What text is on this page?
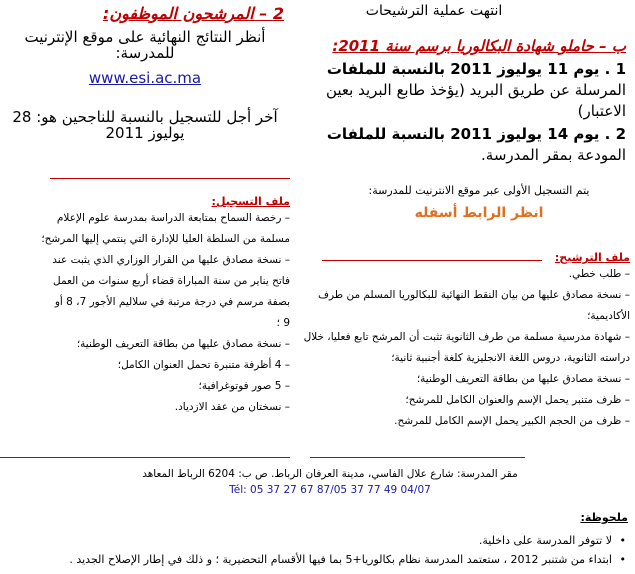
انتهت عملية الترشيحات
ب – حاملو شهادة البكالوريا برسم سنة 2011:
1 . يوم 11 يوليوز 2011 بالنسبة للملفات
المرسلة عن طريق البريد (يؤخذ طابع البريد بعين
الاعتبار)
2 . يوم 14 يوليوز 2011 بالنسبة للملفات
المودعة بمقر المدرسة.
يتم التسجيل الأولى عبر موقع الانترنيت للمدرسة:
انظر الرابط أسفله
ملف الترشيح:
– طلب خطي.
– نسخة مصادق عليها من بيان النقط النهائية للبكالوريا المسلم من طرف
الأكاديمية؛
– شهادة مدرسية مسلمة من طرف الثانوية تثبت أن المرشح تابع فعليا، خلال
دراسته الثانوية، دروس اللغة الانجليزية كلغة أجنبية ثانية؛
– نسخة مصادق عليها من بطاقة التعريف الوطنية؛
– ظرف متنبر يحمل الإسم والعنوان الكامل للمرشح؛
– ظرف من الحجم الكبير يحمل الإسم الكامل للمرشح.
2 – المرشحون الموظفون:
أنظر النتائج النهائية على موقع الإنترنيت
للمدرسة:
www.esi.ac.ma
آخر أجل للتسجيل بالنسبة للناجحين هو: 28
يوليوز 2011
ملف التسجيل:
– رخصة السماح بمتابعة الدراسة بمدرسة علوم الإعلام
مسلمة من السلطة العليا للإدارة التي ينتمي إليها المرشح؛
– نسخة مصادق عليها من القرار الوزاري الذي يثبت عند
فاتح يناير من سنة المباراة قضاء أربع سنوات من العمل
بصفة مرسم في درجة مرتبة في سلاليم الأجور 7، 8 أو
9 ؛
– نسخة مصادق عليها من بطاقة التعريف الوطنية؛
– 4 أظرفة متنبرة تحمل العنوان الكامل؛
– 5 صور فوتوغرافية؛
– نسختان من عقد الازدياد.
مقر المدرسة: شارع علال الفاسي، مدينة العرفان الرباط. ص ب: 6204 الرباط المعاهد
Tél: 05 37 27 67 87/05 37 77 49 04/07
ملحوظة:
•
لا تتوفر المدرسة على داخلية.
•
ابتداء من شتنبر 2012 ، ستعتمد المدرسة نظام بكالوريا+5 بما فيها الأقسام التحضيرية ؛ و ذلك في إطار الإصلاح الجديد .
